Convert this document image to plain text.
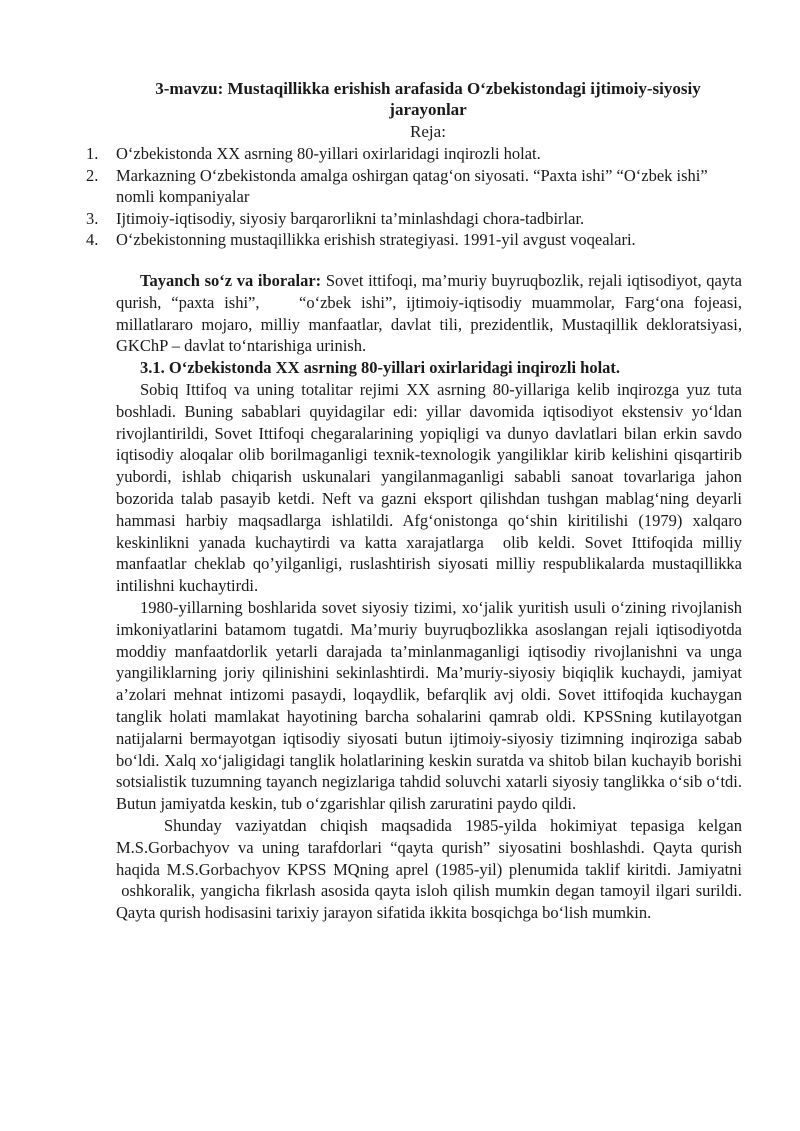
3-mavzu: Mustaqillikka erishish arafasida O‘zbekistondagi ijtimoiy-siyosiy
jarayonlar
Reja:
1. O‘zbekistonda XX asrning 80-yillari oxirlaridagi inqirozli holat.
2. Markazning O‘zbekistonda amalga oshirgan qatag‘on siyosati. “Paxta ishi” “O‘zbek ishi” nomli kompaniyalar
3. Ijtimoiy-iqtisodiy, siyosiy barqarorlikni ta’minlashdagi chora-tadbirlar.
4. O‘zbekistonning mustaqillikka erishish strategiyasi. 1991-yil avgust voqealari.

Tayanch so‘z va iboralar: Sovet ittifoqi, ma’muriy buyruqbozlik, rejali iqtisodiyot, qayta qurish, “paxta ishi”,    “o‘zbek ishi”, ijtimoiy-iqtisodiy muammolar, Farg‘ona fojeasi, millatlararo mojaro, milliy manfaatlar, davlat tili, prezidentlik, Mustaqillik dekloratsiyasi, GKChP – davlat to‘ntarishiga urinish.

3.1. O‘zbekistonda XX asrning 80-yillari oxirlaridagi inqirozli holat.

Sobiq Ittifoq va uning totalitar rejimi XX asrning 80-yillariga kelib inqirozga yuz tuta boshladi. Buning sabablari quyidagilar edi: yillar davomida iqtisodiyot ekstensiv yo‘ldan rivojlantirildi, Sovet Ittifoqi chegaralarining yopiqligi va dunyo davlatlari bilan erkin savdo iqtisodiy aloqalar olib borilmaganligi texnik-texnologik yangiliklar kirib kelishini qisqartirib yubordi, ishlab chiqarish uskunalari yangilanmaganligi sababli sanoat tovarlariga jahon bozorida talab pasayib ketdi. Neft va gazni eksport qilishdan tushgan mablag‘ning deyarli hammasi harbiy maqsadlarga ishlatildi. Afg‘onistonga qo‘shin kiritilishi (1979) xalqaro keskinlikni yanada kuchaytirdi va katta xarajatlarga  olib keldi. Sovet Ittifoqida milliy manfaatlar cheklab qo’yilganligi, ruslashtirish siyosati milliy respublikalarda mustaqillikka intilishni kuchaytirdi.

1980-yillarning boshlarida sovet siyosiy tizimi, xo‘jalik yuritish usuli o‘zining rivojlanish imkoniyatlarini batamom tugatdi. Ma’muriy buyruqbozlikka asoslangan rejali iqtisodiyotda moddiy manfaatdorlik yetarli darajada ta’minlanmaganligi iqtisodiy rivojlanishni va unga yangiliklarning joriy qilinishini sekinlashtirdi. Ma’muriy-siyosiy biqiqlik kuchaydi, jamiyat a’zolari mehnat intizomi pasaydi, loqaydlik, befarqlik avj oldi. Sovet ittifoqida kuchaygan tanglik holati mamlakat hayotining barcha sohalarini qamrab oldi. KPSSning kutilayotgan natijalarni bermayotgan iqtisodiy siyosati butun ijtimoiy-siyosiy tizimning inqiroziga sabab bo‘ldi. Xalq xo‘jaligidagi tanglik holatlarining keskin suratda va shitob bilan kuchayib borishi sotsialistik tuzumning tayanch negizlariga tahdid soluvchi xatarli siyosiy tanglikka o‘sib o‘tdi. Butun jamiyatda keskin, tub o‘zgarishlar qilish zaruratini paydo qildi.

Shunday vaziyatdan chiqish maqsadida 1985-yilda hokimiyat tepasiga kelgan M.S.Gorbachyov va uning tarafdorlari “qayta qurish” siyosatini boshlashdi. Qayta qurish haqida M.S.Gorbachyov KPSS MQning aprel (1985-yil) plenumida taklif kiritdi. Jamiyatni  oshkoralik, yangicha fikrlash asosida qayta isloh qilish mumkin degan tamoyil ilgari surildi. Qayta qurish hodisasini tarixiy jarayon sifatida ikkita bosqichga bo‘lish mumkin.
